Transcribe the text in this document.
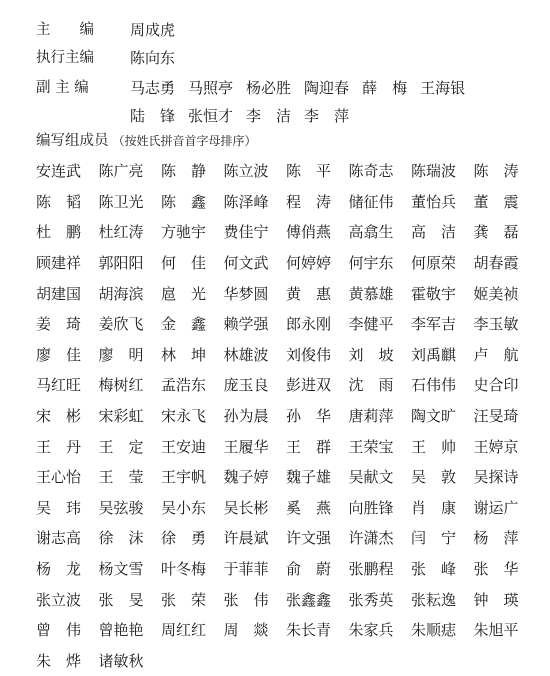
主　　编	周成虎
执行主编	陈向东
副 主 编	马志勇 马照亭 杨必胜 陶迎春 薛　梅 王海银
陆　锋 张恒才 李　洁 李　萍
编写组成员 （按姓氏拼音首字母排序）
安连武	陈广亮	陈　静	陈立波	陈　平	陈奇志	陈瑞波	陈　涛
陈　韬	陈卫光	陈　鑫	陈泽峰	程　涛	储征伟	董怡兵	董　震
杜　鹏	杜红涛	方驰宇	费佳宁	傅俏燕	高翕生	高　洁	龚　磊
顾建祥	郭阳阳	何　佳	何文武	何婷婷	何宇东	何原荣	胡春霞
胡建国	胡海滨	扈　光	华梦圆	黄　惠	黄慕雄	霍敬宇	姬美祯
姜　琦	姜欣飞	金　鑫	赖学强	郎永刚	李健平	李军吉	李玉敏
廖　佳	廖　明	林　坤	林雄波	刘俊伟	刘　坡	刘禹麒	卢　航
马红旺	梅树红	孟浩东	庞玉良	彭进双	沈　雨	石伟伟	史合印
宋　彬	宋彩虹	宋永飞	孙为晨	孙　华	唐莉萍	陶文旷	汪旻琦
王　丹	王　定	王安迪	王履华	王　群	王荣宝	王　帅	王婷京
王心怡	王　莹	王宇帆	魏子婷	魏子雄	吴献文	吴　敦	吴探诗
吴　玮	吴弦骏	吴小东	吴长彬	奚　燕	向胜锋	肖　康	谢运广
谢志高	徐　沫	徐　勇	许晨斌	许文强	许潇杰	闫　宁	杨　萍
杨　龙	杨文雪	叶冬梅	于菲菲	俞　蔚	张鹏程	张　峰	张　华
张立波	张　旻	张　荣	张　伟	张鑫鑫	张秀英	张耘逸	钟　瑛
曾　伟	曾艳艳	周红红	周　燚	朱长青	朱家兵	朱顺痣	朱旭平
朱　烨	诸敏秋
